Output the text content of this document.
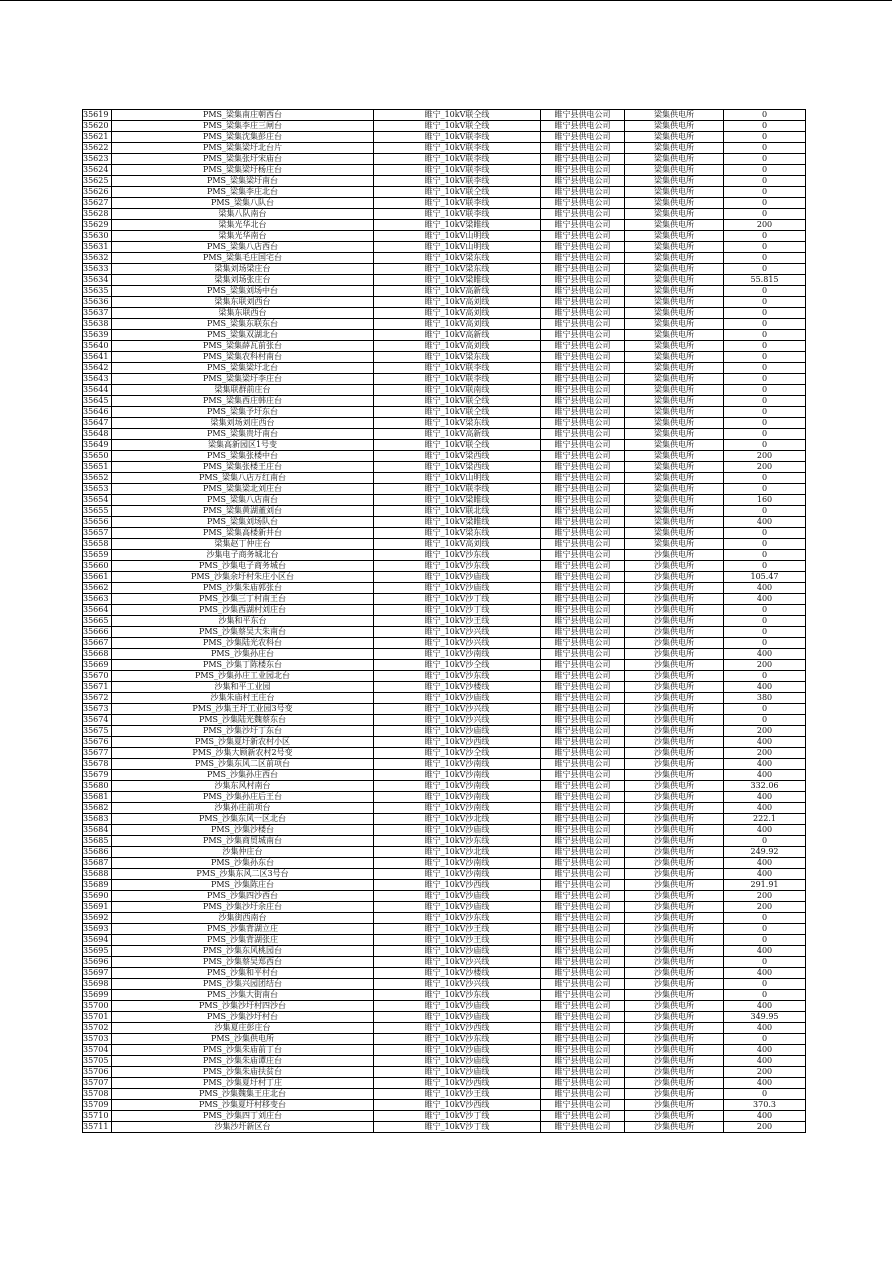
35619	PMS_梁集南庄朝西台	睢宁_10kV联仝线	睢宁县供电公司	梁集供电所	0
35620	PMS_梁集李庄三闸台	睢宁_10kV联仝线	睢宁县供电公司	梁集供电所	0
35621	PMS_梁集沈集彭庄台	睢宁_10kV联李线	睢宁县供电公司	梁集供电所	0
35622	PMS_梁集梁圩北台片	睢宁_10kV联李线	睢宁县供电公司	梁集供电所	0
35623	PMS_梁集张圩宋庙台	睢宁_10kV联李线	睢宁县供电公司	梁集供电所	0
35624	PMS_梁集梁圩杨庄台	睢宁_10kV联李线	睢宁县供电公司	梁集供电所	0
35625	PMS_梁集梁圩南台	睢宁_10kV联李线	睢宁县供电公司	梁集供电所	0
35626	PMS_梁集李庄北台	睢宁_10kV联仝线	睢宁县供电公司	梁集供电所	0
35627	PMS_梁集八队台	睢宁_10kV联李线	睢宁县供电公司	梁集供电所	0
35628	梁集八队南台	睢宁_10kV联李线	睢宁县供电公司	梁集供电所	0
35629	梁集光华北台	睢宁_10kV梁睢线	睢宁县供电公司	梁集供电所	200
35630	梁集光华南台	睢宁_10kV山明线	睢宁县供电公司	梁集供电所	0
35631	PMS_梁集八店西台	睢宁_10kV山明线	睢宁县供电公司	梁集供电所	0
35632	PMS_梁集毛庄国宅台	睢宁_10kV梁东线	睢宁县供电公司	梁集供电所	0
35633	梁集刘场梁庄台	睢宁_10kV梁东线	睢宁县供电公司	梁集供电所	0
35634	梁集刘场张庄台	睢宁_10kV梁睢线	睢宁县供电公司	梁集供电所	55.815
35635	PMS_梁集刘场中台	睢宁_10kV高新线	睢宁县供电公司	梁集供电所	0
35636	梁集东联刘西台	睢宁_10kV高刘线	睢宁县供电公司	梁集供电所	0
35637	梁集东联西台	睢宁_10kV高刘线	睢宁县供电公司	梁集供电所	0
35638	PMS_梁集东联东台	睢宁_10kV高刘线	睢宁县供电公司	梁集供电所	0
35639	PMS_梁集双湖北台	睢宁_10kV高新线	睢宁县供电公司	梁集供电所	0
35640	PMS_梁集薛瓦前张台	睢宁_10kV高刘线	睢宁县供电公司	梁集供电所	0
35641	PMS_梁集农科村南台	睢宁_10kV梁东线	睢宁县供电公司	梁集供电所	0
35642	PMS_梁集梁圩北台	睢宁_10kV联李线	睢宁县供电公司	梁集供电所	0
35643	PMS_梁集梁圩李庄台	睢宁_10kV联李线	睢宁县供电公司	梁集供电所	0
35644	梁集联群前庄台	睢宁_10kV联南线	睢宁县供电公司	梁集供电所	0
35645	PMS_梁集西庄韩庄台	睢宁_10kV联仝线	睢宁县供电公司	梁集供电所	0
35646	PMS_梁集予圩东台	睢宁_10kV联仝线	睢宁县供电公司	梁集供电所	0
35647	梁集刘场刘庄西台	睢宁_10kV梁东线	睢宁县供电公司	梁集供电所	0
35648	PMS_梁集贵圩南台	睢宁_10kV高新线	睢宁县供电公司	梁集供电所	0
35649	梁集高新园区1号变	睢宁_10kV联仝线	睢宁县供电公司	梁集供电所	0
35650	PMS_梁集张楼中台	睢宁_10kV梁西线	睢宁县供电公司	梁集供电所	200
35651	PMS_梁集张楼王庄台	睢宁_10kV梁西线	睢宁县供电公司	梁集供电所	200
35652	PMS_梁集八店万红南台	睢宁_10kV山明线	睢宁县供电公司	梁集供电所	0
35653	PMS_梁集梁北刘庄台	睢宁_10kV联李线	睢宁县供电公司	梁集供电所	0
35654	PMS_梁集八店南台	睢宁_10kV梁睢线	睢宁县供电公司	梁集供电所	160
35655	PMS_梁集黄湖董刘台	睢宁_10kV联北线	睢宁县供电公司	梁集供电所	0
35656	PMS_梁集刘场队台	睢宁_10kV梁睢线	睢宁县供电公司	梁集供电所	400
35657	PMS_梁集高楼新井台	睢宁_10kV梁东线	睢宁县供电公司	梁集供电所	0
35658	梁集赵丁仲庄台	睢宁_10kV高刘线	睢宁县供电公司	梁集供电所	0
35659	沙集电子商务城北台	睢宁_10kV沙东线	睢宁县供电公司	沙集供电所	0
35660	PMS_沙集电子商务城台	睢宁_10kV沙东线	睢宁县供电公司	沙集供电所	0
35661	PMS_沙集余圩村朱庄小区台	睢宁_10kV沙庙线	睢宁县供电公司	沙集供电所	105.47
35662	PMS_沙集朱庙郭张台	睢宁_10kV沙庙线	睢宁县供电公司	沙集供电所	400
35663	PMS_沙集三丁村南王台	睢宁_10kV沙丁线	睢宁县供电公司	沙集供电所	400
35664	PMS_沙集西湖村刘庄台	睢宁_10kV沙丁线	睢宁县供电公司	沙集供电所	0
35665	沙集和平东台	睢宁_10kV沙王线	睢宁县供电公司	沙集供电所	0
35666	PMS_沙集蔡吴大朱南台	睢宁_10kV沙兴线	睢宁县供电公司	沙集供电所	0
35667	PMS_沙集陆光农科台	睢宁_10kV沙兴线	睢宁县供电公司	沙集供电所	0
35668	PMS_沙集孙庄台	睢宁_10kV沙南线	睢宁县供电公司	沙集供电所	400
35669	PMS_沙集丁陈楼东台	睢宁_10kV沙仝线	睢宁县供电公司	沙集供电所	200
35670	PMS_沙集孙庄工业园北台	睢宁_10kV沙东线	睢宁县供电公司	沙集供电所	0
35671	沙集和平工业园	睢宁_10kV沙楼线	睢宁县供电公司	沙集供电所	400
35672	沙集朱庙村王庄台	睢宁_10kV沙庙线	睢宁县供电公司	沙集供电所	380
35673	PMS_沙集王圩工业园3号变	睢宁_10kV沙兴线	睢宁县供电公司	沙集供电所	0
35674	PMS_沙集陆光魏蔡东台	睢宁_10kV沙兴线	睢宁县供电公司	沙集供电所	0
35675	PMS_沙集沙圩丁东台	睢宁_10kV沙庙线	睢宁县供电公司	沙集供电所	200
35676	PMS_沙集夏圩新农村小区	睢宁_10kV沙西线	睢宁县供电公司	沙集供电所	400
35677	PMS_沙集大顾新农村2号变	睢宁_10kV沙仝线	睢宁县供电公司	沙集供电所	200
35678	PMS_沙集东风二区前项台	睢宁_10kV沙南线	睢宁县供电公司	沙集供电所	400
35679	PMS_沙集孙庄西台	睢宁_10kV沙南线	睢宁县供电公司	沙集供电所	400
35680	沙集东风村南台	睢宁_10kV沙南线	睢宁县供电公司	沙集供电所	332.06
35681	PMS_沙集孙庄后王台	睢宁_10kV沙南线	睢宁县供电公司	沙集供电所	400
35682	沙集孙庄前项台	睢宁_10kV沙南线	睢宁县供电公司	沙集供电所	400
35683	PMS_沙集东风一区北台	睢宁_10kV沙北线	睢宁县供电公司	沙集供电所	222.1
35684	PMS_沙集沙楼台	睢宁_10kV沙庙线	睢宁县供电公司	沙集供电所	400
35685	PMS_沙集商贸城南台	睢宁_10kV沙东线	睢宁县供电公司	沙集供电所	0
35686	沙集仲庄台	睢宁_10kV沙北线	睢宁县供电公司	沙集供电所	249.92
35687	PMS_沙集孙东台	睢宁_10kV沙南线	睢宁县供电公司	沙集供电所	400
35688	PMS_沙集东风二区3号台	睢宁_10kV沙南线	睢宁县供电公司	沙集供电所	400
35689	PMS_沙集陈庄台	睢宁_10kV沙西线	睢宁县供电公司	沙集供电所	291.91
35690	PMS_沙集四沙西台	睢宁_10kV沙庙线	睢宁县供电公司	沙集供电所	200
35691	PMS_沙集沙圩余庄台	睢宁_10kV沙庙线	睢宁县供电公司	沙集供电所	200
35692	沙集街西南台	睢宁_10kV沙东线	睢宁县供电公司	沙集供电所	0
35693	PMS_沙集背湖立庄	睢宁_10kV沙王线	睢宁县供电公司	沙集供电所	0
35694	PMS_沙集背湖张庄	睢宁_10kV沙王线	睢宁县供电公司	沙集供电所	0
35695	PMS_沙集东风桃园台	睢宁_10kV沙庙线	睢宁县供电公司	沙集供电所	400
35696	PMS_沙集蔡吴郑西台	睢宁_10kV沙兴线	睢宁县供电公司	沙集供电所	0
35697	PMS_沙集和平村台	睢宁_10kV沙楼线	睢宁县供电公司	沙集供电所	400
35698	PMS_沙集兴园团结台	睢宁_10kV沙兴线	睢宁县供电公司	沙集供电所	0
35699	PMS_沙集大街南台	睢宁_10kV沙东线	睢宁县供电公司	沙集供电所	0
35700	PMS_沙集沙圩村四沙台	睢宁_10kV沙庙线	睢宁县供电公司	沙集供电所	400
35701	PMS_沙集沙圩村台	睢宁_10kV沙庙线	睢宁县供电公司	沙集供电所	349.95
35702	沙集夏庄彭庄台	睢宁_10kV沙西线	睢宁县供电公司	沙集供电所	400
35703	PMS_沙集供电所	睢宁_10kV沙东线	睢宁县供电公司	沙集供电所	0
35704	PMS_沙集朱庙前丁台	睢宁_10kV沙庙线	睢宁县供电公司	沙集供电所	400
35705	PMS_沙集朱庙谭庄台	睢宁_10kV沙庙线	睢宁县供电公司	沙集供电所	400
35706	PMS_沙集朱庙扶贫台	睢宁_10kV沙庙线	睢宁县供电公司	沙集供电所	200
35707	PMS_沙集夏圩村丁庄	睢宁_10kV沙西线	睢宁县供电公司	沙集供电所	400
35708	PMS_沙集魏集王庄北台	睢宁_10kV沙王线	睢宁县供电公司	沙集供电所	0
35709	PMS_沙集夏圩村移变台	睢宁_10kV沙西线	睢宁县供电公司	沙集供电所	370.3
35710	PMS_沙集四丁刘庄台	睢宁_10kV沙丁线	睢宁县供电公司	沙集供电所	400
35711	沙集沙圩新区台	睢宁_10kV沙丁线	睢宁县供电公司	沙集供电所	200
